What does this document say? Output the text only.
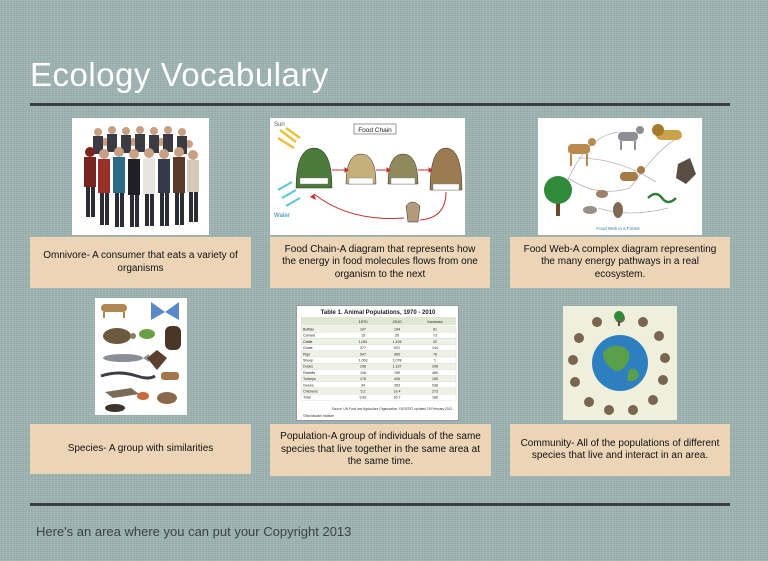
Ecology Vocabulary
Omnivore- A consumer that eats a variety of organisms
Sun
Food Chain
Water
Food Chain-A diagram that represents how the energy in food molecules flows from one organism to the next
Food Web in a Forest
Food Web-A complex diagram representing the many energy pathways in a real ecosystem.
Species- A group with similarities
Table 1. Animal Populations, 1970 - 2010
1970	2010	Increase
Buffalo	107	194	81
Camels	15	26	73
Cattle	1,081	1,426	32
Goats	377	921	144
Pigs	547	965	76
Sheep	1,063	1,078	1
Ducks	298	1,187	298
Rabbits	136	789	480
Turkeys	176	449	155
Geese	34	353	938
Chickens	5.2	19.4	273
Total	9.82	26.7	180
Source: UN Food and Agriculture Organization, FAOSTAT, updated 29 February 2012.
©Worldwatch Institute
Population-A group of individuals of the same species that live together in the same area at the same time.
Community- All of the populations of different species that live and interact in an area.
Here's an area where you can put your Copyright 2013
